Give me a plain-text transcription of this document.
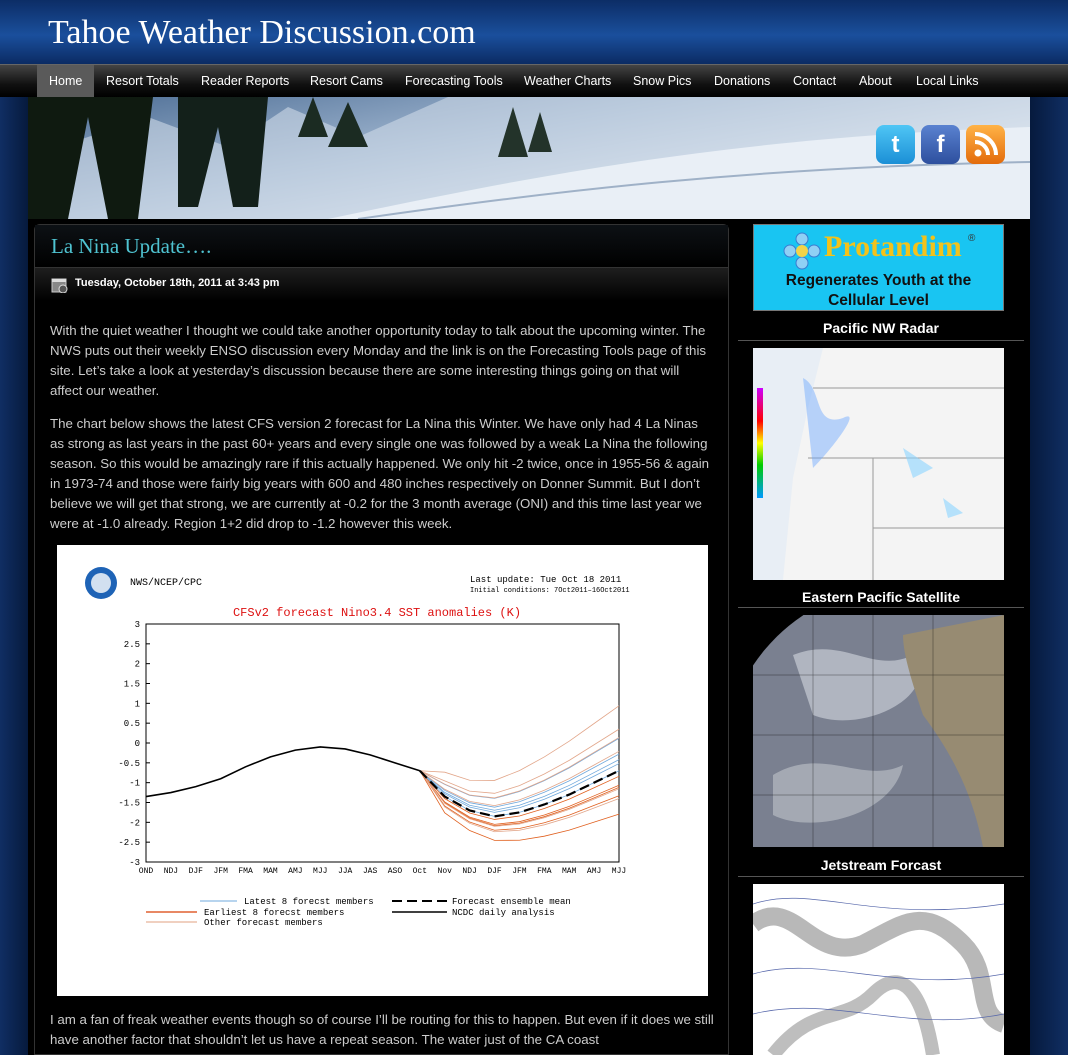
Tahoe Weather Discussion.com
Home	Resort Totals	Reader Reports	Resort Cams	Forecasting Tools	Weather Charts	Snow Pics	Donations	Contact	About	Local Links
t	f
La Nina Update….
Tuesday, October 18th, 2011 at 3:43 pm
With the quiet weather I thought we could take another opportunity today to talk about the upcoming winter. The NWS puts out their weekly ENSO discussion every Monday and the link is on the Forecasting Tools page of this site. Let’s take a look at yesterday’s discussion because there are some interesting things going on that will affect our weather.
The chart below shows the latest CFS version 2 forecast for La Nina this Winter. We have only had 4 La Ninas as strong as last years in the past 60+ years and every single one was followed by a weak La Nina the following season. So this would be amazingly rare if this actually happened. We only hit -2 twice, once in 1955-56 & again in 1973-74 and those were fairly big years with 600 and 480 inches respectively on Donner Summit. But I don’t believe we will get that strong, we are currently at -0.2 for the 3 month average (ONI) and this time last year we were at -1.0 already. Region 1+2 did drop to -1.2 however this week.
NWS/NCEP/CPC	Last update: Tue Oct 18 2011
Initial conditions: 7Oct2011–16Oct2011
CFSv2 forecast Nino3.4 SST anomalies (K)
3
2.5
2
1.5
1
0.5
0
-0.5
-1
-1.5
-2
-2.5
-3
OND NDJ DJF JFM FMA MAM AMJ MJJ JJA JAS ASO Oct Nov NDJ DJF JFM FMA MAM AMJ MJJ
Latest 8 forecst members
Earliest 8 forecst members
Other forecast members
Forecast ensemble mean
NCDC daily analysis
I am a fan of freak weather events though so of course I’ll be routing for this to happen. But even if it does we still have another factor that shouldn’t let us have a repeat season. The water just of the CA coast
Protandim ®
Regenerates Youth at the Cellular Level
Pacific NW Radar
Eastern Pacific Satellite
Jetstream Forcast
